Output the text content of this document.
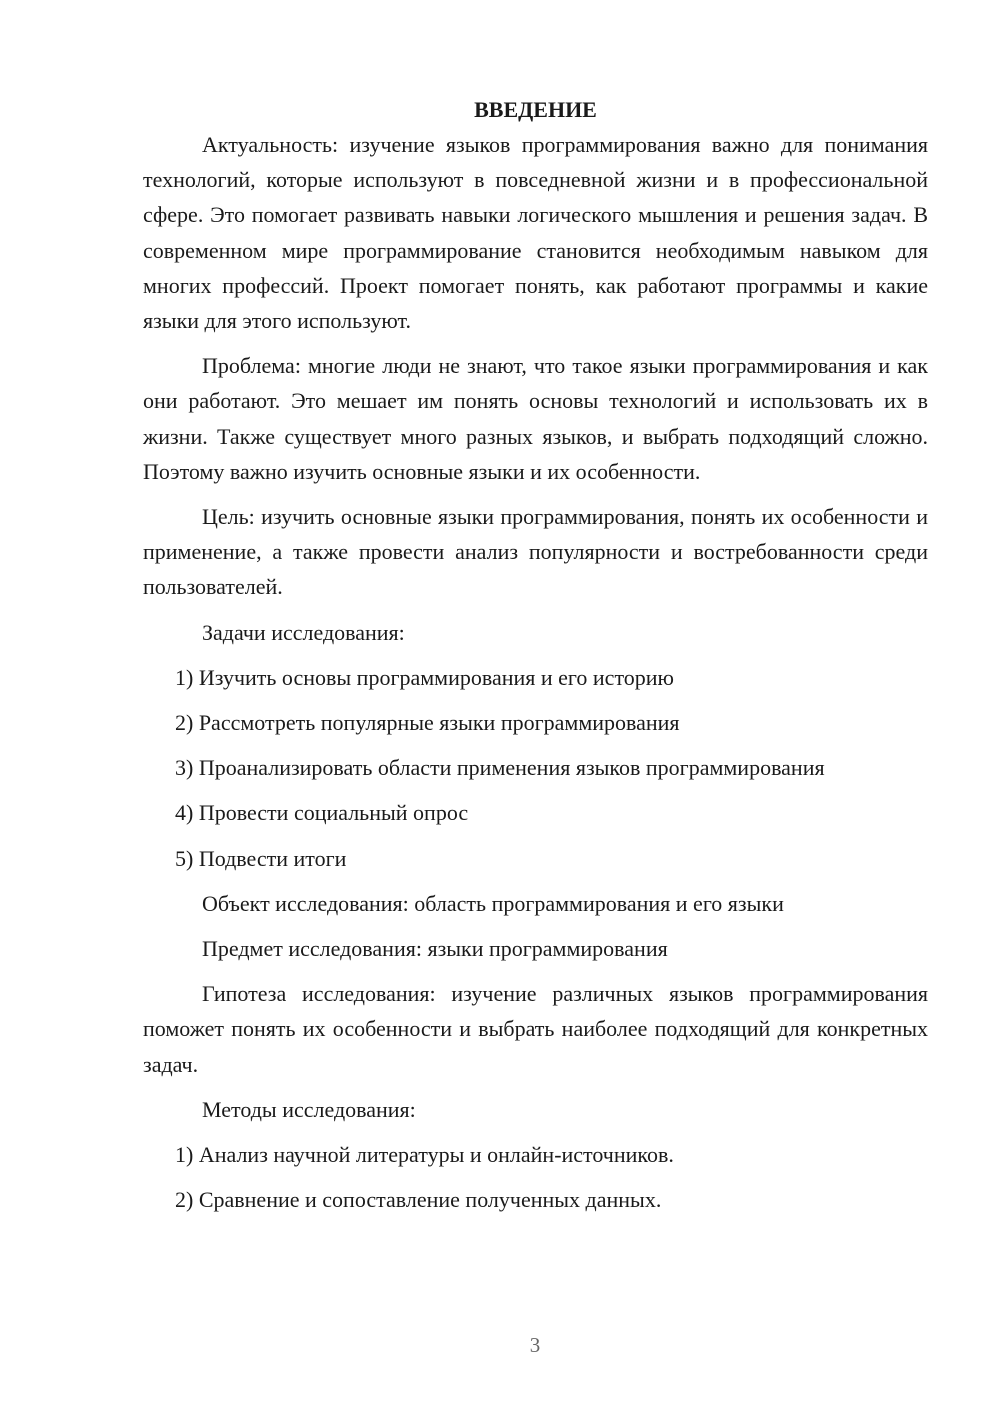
ВВЕДЕНИЕ

Актуальность: изучение языков программирования важно для понимания технологий, которые используют в повседневной жизни и в профессиональной сфере. Это помогает развивать навыки логического мышления и решения задач. В современном мире программирование становится необходимым навыком для многих профессий. Проект помогает понять, как работают программы и какие языки для этого используют.

Проблема: многие люди не знают, что такое языки программирования и как они работают. Это мешает им понять основы технологий и использовать их в жизни. Также существует много разных языков, и выбрать подходящий сложно. Поэтому важно изучить основные языки и их особенности.

Цель: изучить основные языки программирования, понять их особенности и применение, а также провести анализ популярности и востребованности среди пользователей.

Задачи исследования:
1) Изучить основы программирования и его историю
2) Рассмотреть популярные языки программирования
3) Проанализировать области применения языков программирования
4) Провести социальный опрос
5) Подвести итоги
Объект исследования: область программирования и его языки
Предмет исследования: языки программирования

Гипотеза исследования: изучение различных языков программирования поможет понять их особенности и выбрать наиболее подходящий для конкретных задач.

Методы исследования:
1) Анализ научной литературы и онлайн-источников.
2) Сравнение и сопоставление полученных данных.
3
